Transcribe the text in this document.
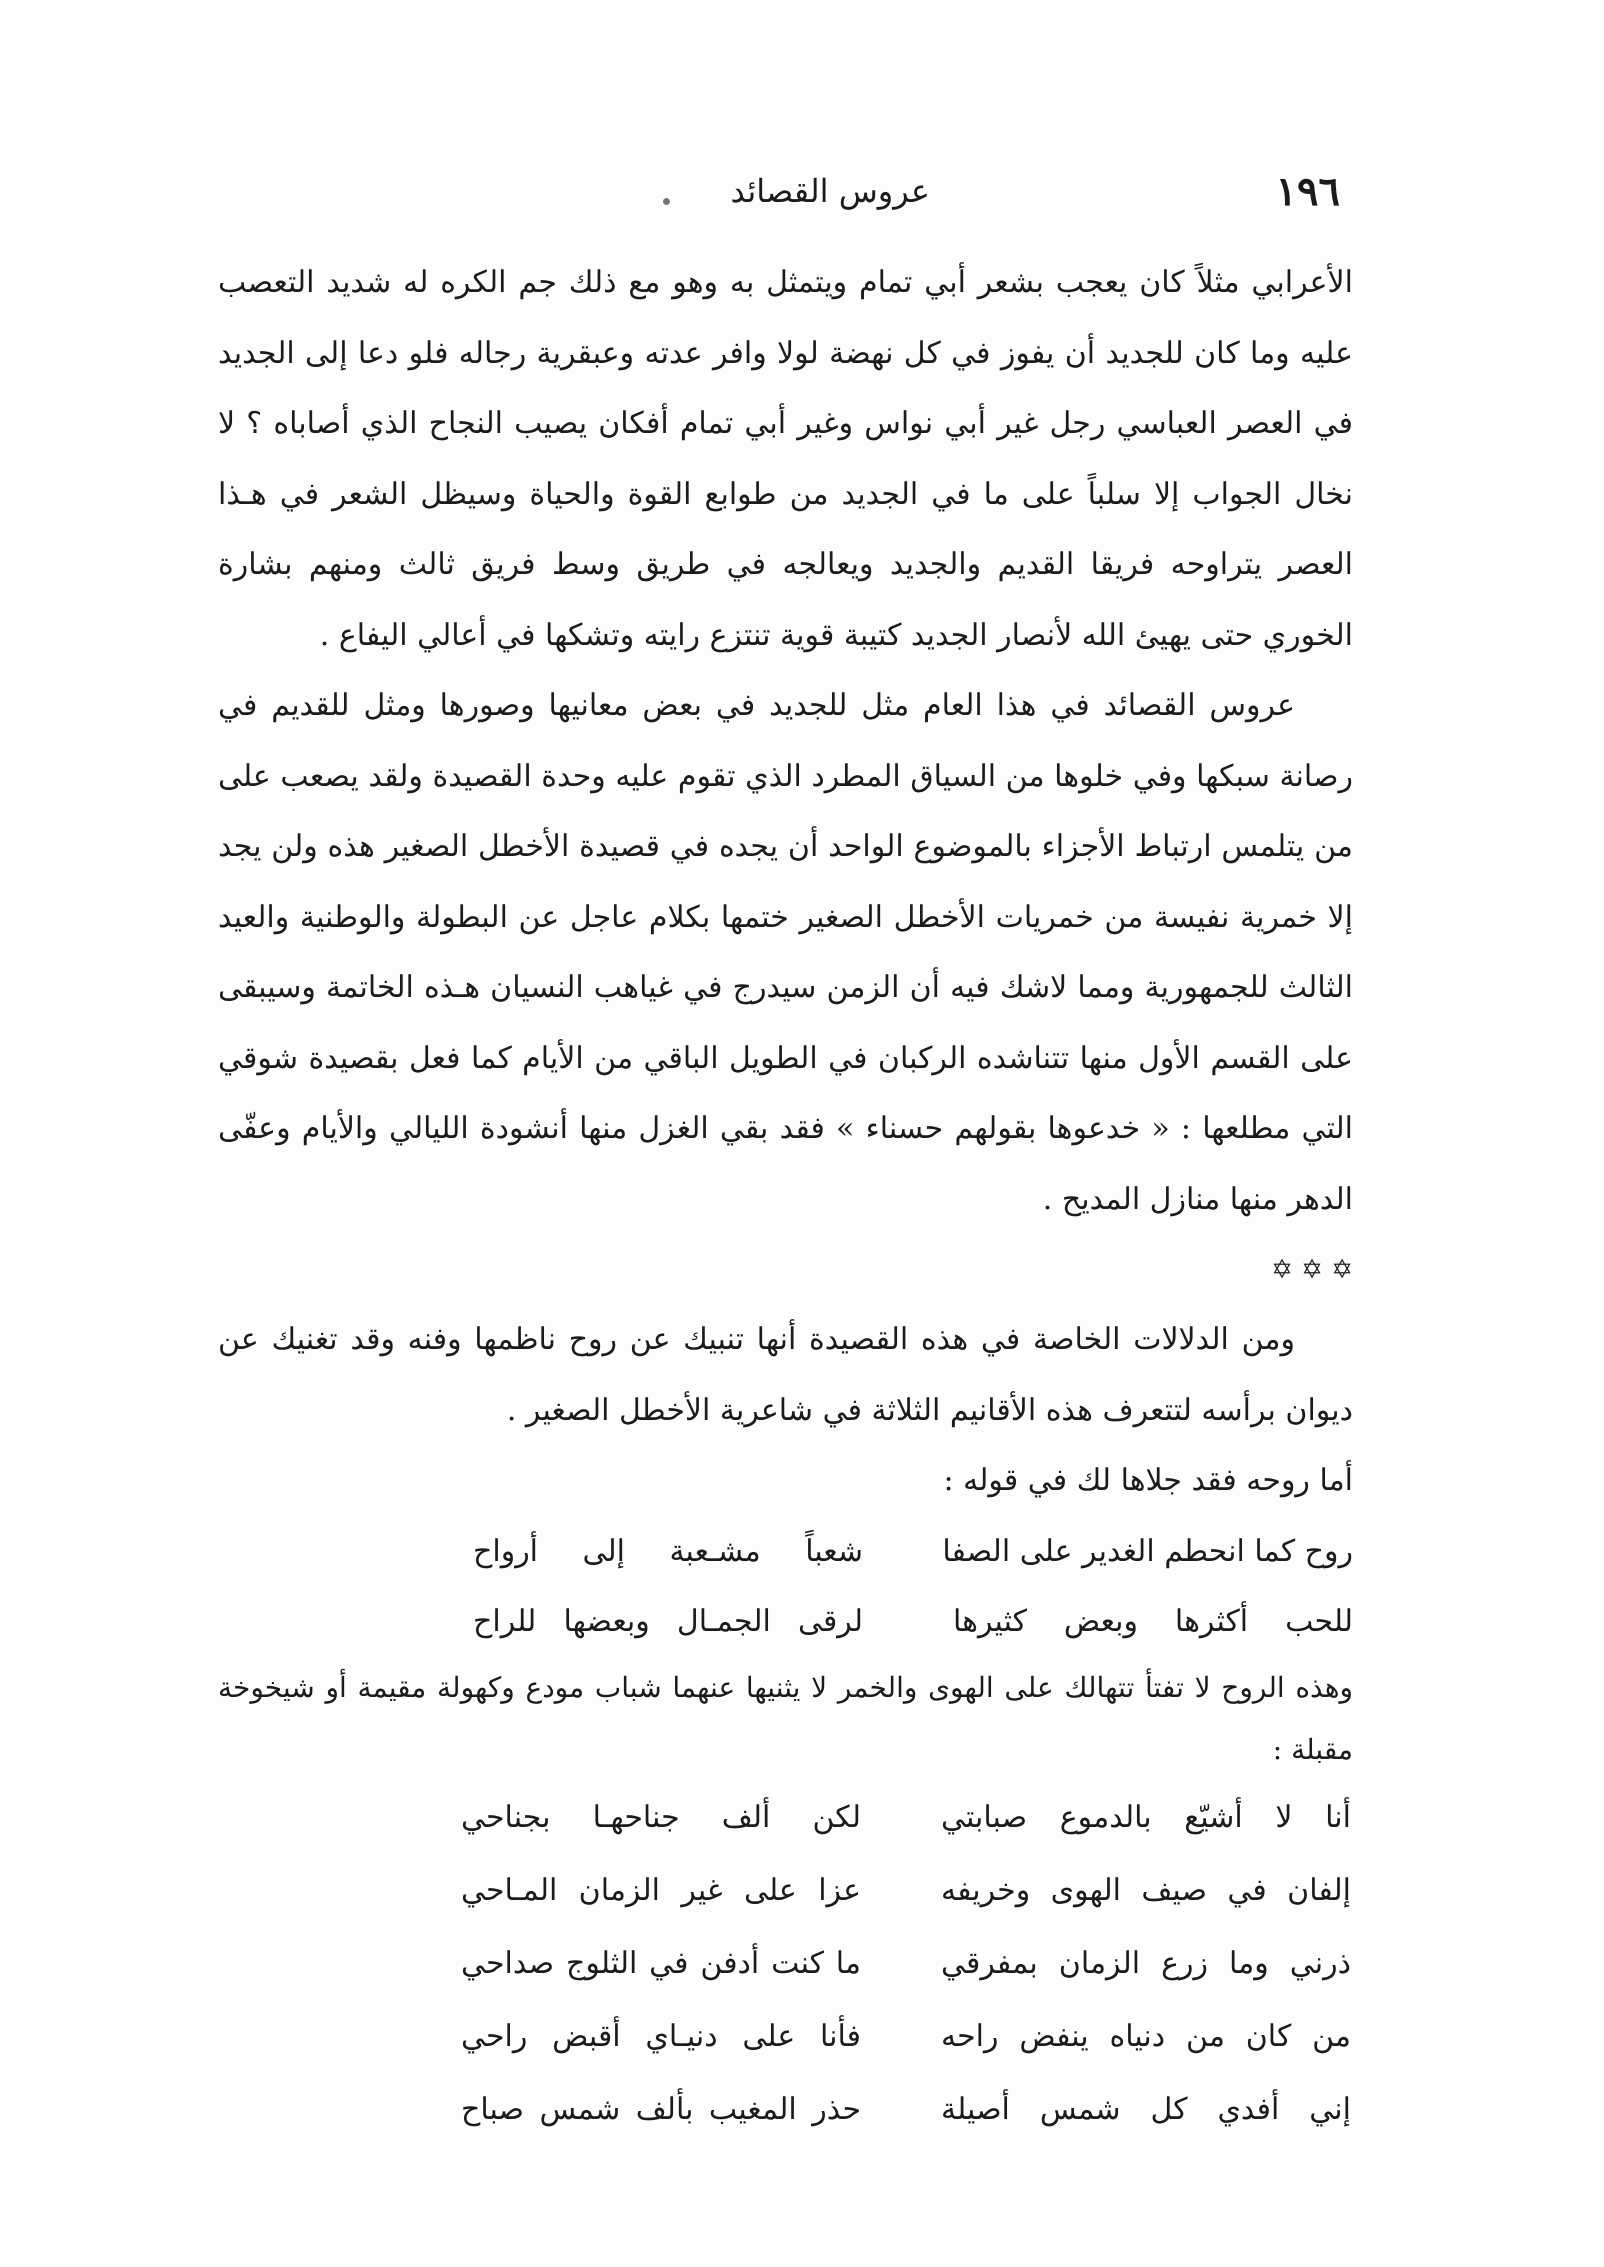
١٩٦
عروس القصائد

الأعرابي مثلاً كان يعجب بشعر أبي تمام ويتمثل به وهو مع ذلك جم الكره له شديد التعصب عليه وما كان للجديد أن يفوز في كل نهضة لولا وافر عدته وعبقرية رجاله فلو دعا إلى الجديد في العصر العباسي رجل غير أبي نواس وغير أبي تمام أفكان يصيب النجاح الذي أصاباه ؟ لا نخال الجواب إلا سلباً على ما في الجديد من طوابع القوة والحياة وسيظل الشعر في هـذا العصر يتراوحه فريقا القديم والجديد ويعالجه في طريق وسط فريق ثالث ومنهم بشارة الخوري حتى يهيئ الله لأنصار الجديد كتيبة قوية تنتزع رايته وتشكها في أعالي اليفاع .

عروس القصائد في هذا العام مثل للجديد في بعض معانيها وصورها ومثل للقديم في رصانة سبكها وفي خلوها من السياق المطرد الذي تقوم عليه وحدة القصيدة ولقد يصعب على من يتلمس ارتباط الأجزاء بالموضوع الواحد أن يجده في قصيدة الأخطل الصغير هذه ولن يجد إلا خمرية نفيسة من خمريات الأخطل الصغير ختمها بكلام عاجل عن البطولة والوطنية والعيد الثالث للجمهورية ومما لاشك فيه أن الزمن سيدرج في غياهب النسيان هـذه الخاتمة وسيبقى على القسم الأول منها تتناشده الركبان في الطويل الباقي من الأيام كما فعل بقصيدة شوقي التي مطلعها : « خدعوها بقولهم حسناء » فقد بقي الغزل منها أنشودة الليالي والأيام وعفّى الدهر منها منازل المديح .

✡ ✡ ✡

ومن الدلالات الخاصة في هذه القصيدة أنها تنبيك عن روح ناظمها وفنه وقد تغنيك عن ديوان برأسه لتتعرف هذه الأقانيم الثلاثة في شاعرية الأخطل الصغير .

أما روحه فقد جلاها لك في قوله :

روح كما انحطم الغدير على الصفا
شعباً مشـعبة إلى أرواح
للحب أكثرها وبعض كثيرها
لرقى الجمـال وبعضها للراح

وهذه الروح لا تفتأ تتهالك على الهوى والخمر لا يثنيها عنهما شباب مودع وكهولة مقيمة أو شيخوخة مقبلة :

أنا لا أشيّع بالدموع صبابتي
لكن ألف جناحهـا بجناحي
إلفان في صيف الهوى وخريفه
عزا على غير الزمان المـاحي
ذرني وما زرع الزمان بمفرقي
ما كنت أدفن في الثلوج صداحي
من كان من دنياه ينفض راحه
فأنا على دنيـاي أقبض راحي
إني أفدي كل شمس أصيلة
حذر المغيب بألف شمس صباح
